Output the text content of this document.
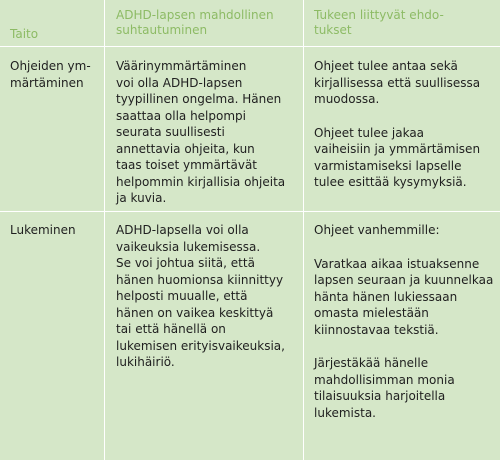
Taito
ADHD-lapsen mahdollinen
suhtautuminen
Tukeen liittyvät ehdo-
tukset
Ohjeiden ym-
märtäminen
Väärinymmärtäminen
voi olla ADHD-lapsen
tyypillinen ongelma. Hänen
saattaa olla helpompi
seurata suullisesti
annettavia ohjeita, kun
taas toiset ymmärtävät
helpommin kirjallisia ohjeita
ja kuvia.
Ohjeet tulee antaa sekä
kirjallisessa että suullisessa
muodossa.
Ohjeet tulee jakaa
vaiheisiin ja ymmärtämisen
varmistamiseksi lapselle
tulee esittää kysymyksiä.
Lukeminen	ADHD-lapsella voi olla
vaikeuksia lukemisessa.
Se voi johtua siitä, että
hänen huomionsa kiinnittyy
helposti muualle, että
hänen on vaikea keskittyä
tai että hänellä on
lukemisen erityisvaikeuksia,
lukihäiriö.
Ohjeet vanhemmille:
Varatkaa aikaa istuaksenne
lapsen seuraan ja kuunnelkaa
hänta hänen lukiessaan
omasta mielestään
kiinnostavaa tekstiä.
Järjestäkää hänelle
mahdollisimman monia
tilaisuuksia harjoitella
lukemista.
